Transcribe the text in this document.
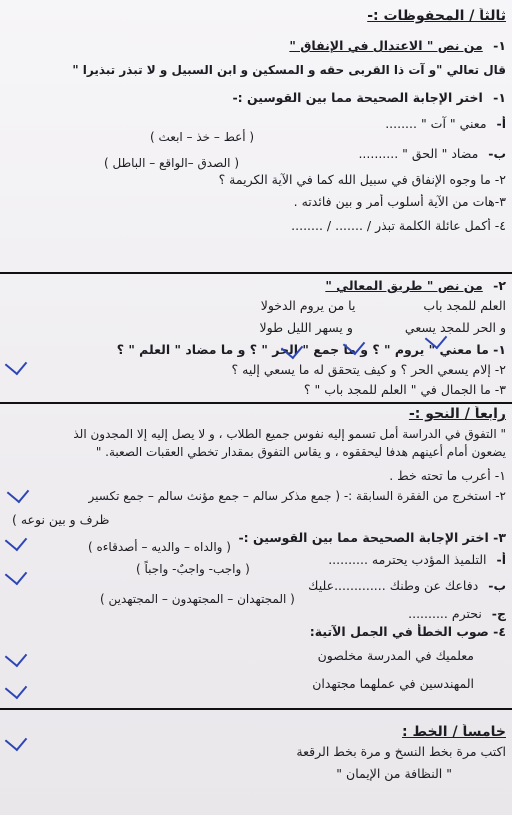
ثالثاً / المحفوظات :-
١- من نص " الاعتدال في الإنفاق "
قال تعالي "و آت ذا القربى حقه و المسكين و ابن السبيل و لا تبذر تبذيرا "
١- اختر الإجابة الصحيحة مما بين القوسين :-
أ- معني " آت " ........
( أعط – خذ – ابعث )
ب- مضاد " الحق " ..........
( الصدق –الواقع – الباطل )
٢- ما وجوه الإنفاق في سبيل الله كما في الآية الكريمة ؟
٣-هات من الآية أسلوب أمر و بين فائدته .
٤- أكمل عائلة الكلمة تبذر / ....... / ........
٢- من نص " طريق المعالي "
العلم للمجد باب  يا من يروم الدخولا
و الحر للمجد يسعي  و يسهر الليل طولا
١- ما معني " يروم " ؟ و ما جمع " الحر " ؟ و ما مضاد " العلم " ؟
٢- إلام يسعي الحر ؟ و كيف يتحقق له ما يسعي إليه ؟
٣- ما الجمال في " العلم للمجد باب " ؟
رابعاً / النحو :-
" التفوق في الدراسة أمل تسمو إليه نفوس جميع الطلاب ، و لا يصل إليه إلا المجدون الذ
يضعون أمام أعينهم هدفا ليحققوه ، و يقاس التفوق بمقدار تخطي العقبات الصعبة. "
١- أعرب ما تحته خط .
٢- استخرج من الفقرة السابقة :- ( جمع مذكر سالم – جمع مؤنث سالم – جمع تكسير
ظرف و بين نوعه )
٣- اختر الإجابة الصحيحة مما بين القوسين :-
أ- التلميذ المؤدب يحترمه ..........
( والداه – والديه – أصدقاءه )
( واجب- واجبٌ- واجباً )
ب- دفاعك عن وطنك .............عليك
( المجتهدان – المجتهدون – المجتهدين )
ج- نحترم ..........
٤- صوب الخطأ في الجمل الآتية:
معلميك في المدرسة مخلصون
المهندسين في عملهما مجتهدان
خامساً / الخط :
اكتب مرة بخط النسخ و مرة بخط الرقعة
" النظافة من الإيمان "
